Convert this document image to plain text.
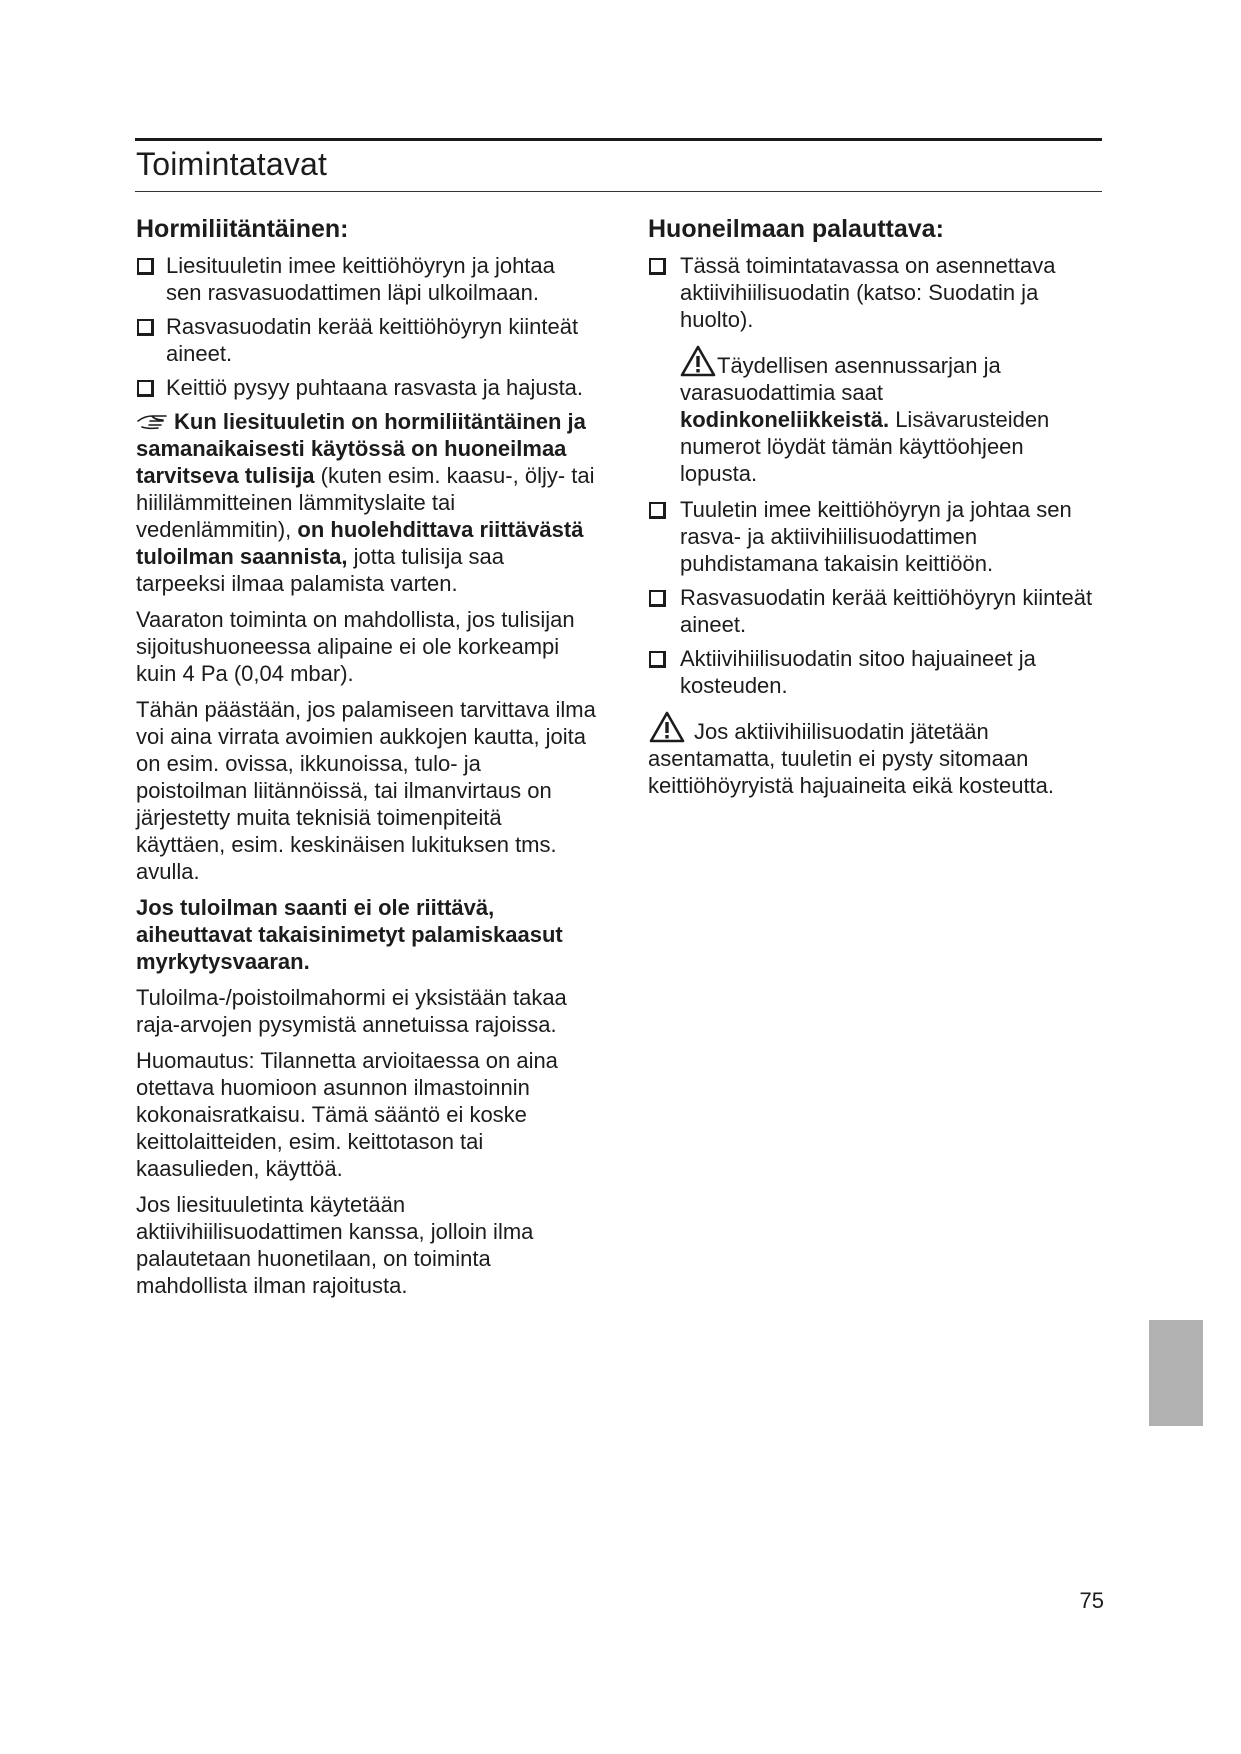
Toimintatavat
Hormiliitäntäinen:
Liesituuletin imee keittiöhöyryn ja johtaa sen rasvasuodattimen läpi ulkoilmaan.
Rasvasuodatin kerää keittiöhöyryn kiinteät aineet.
Keittiö pysyy puhtaana rasvasta ja hajusta.

Kun liesituuletin on hormiliitäntäinen ja samanaikaisesti käytössä on huoneilmaa tarvitseva tulisija (kuten esim. kaasu-, öljy- tai hiililämmitteinen lämmityslaite tai vedenlämmitin), on huolehdittava riittävästä tuloilman saannista, jotta tulisija saa tarpeeksi ilmaa palamista varten.

Vaaraton toiminta on mahdollista, jos tulisijan sijoitushuoneessa alipaine ei ole korkeampi kuin 4 Pa (0,04 mbar).

Tähän päästään, jos palamiseen tarvittava ilma voi aina virrata avoimien aukkojen kautta, joita on esim. ovissa, ikkunoissa, tulo- ja poistoilman liitännöissä, tai ilmanvirtaus on järjestetty muita teknisiä toimenpiteitä käyttäen, esim. keskinäisen lukituksen tms. avulla.

Jos tuloilman saanti ei ole riittävä, aiheuttavat takaisinimetyt palamiskaasut myrkytysvaaran.

Tuloilma-/poistoilmahormi ei yksistään takaa raja-arvojen pysymistä annetuissa rajoissa.

Huomautus: Tilannetta arvioitaessa on aina otettava huomioon asunnon ilmastoinnin kokonaisratkaisu. Tämä sääntö ei koske keittolaitteiden, esim. keittotason tai kaasulieden, käyttöä.

Jos liesituuletinta käytetään aktiivihiilisuodattimen kanssa, jolloin ilma palautetaan huonetilaan, on toiminta mahdollista ilman rajoitusta.

Huoneilmaan palauttava:
Tässä toimintatavassa on asennettava aktiivihiilisuodatin (katso: Suodatin ja huolto).
Täydellisen asennussarjan ja varasuodattimia saat kodinkoneliikkeistä. Lisävarusteiden numerot löydät tämän käyttöohjeen lopusta.
Tuuletin imee keittiöhöyryn ja johtaa sen rasva- ja aktiivihiilisuodattimen puhdistamana takaisin keittiöön.
Rasvasuodatin kerää keittiöhöyryn kiinteät aineet.
Aktiivihiilisuodatin sitoo hajuaineet ja kosteuden.

Jos aktiivihiilisuodatin jätetään asentamatta, tuuletin ei pysty sitomaan keittiöhöyryistä hajuaineita eikä kosteutta.

75
